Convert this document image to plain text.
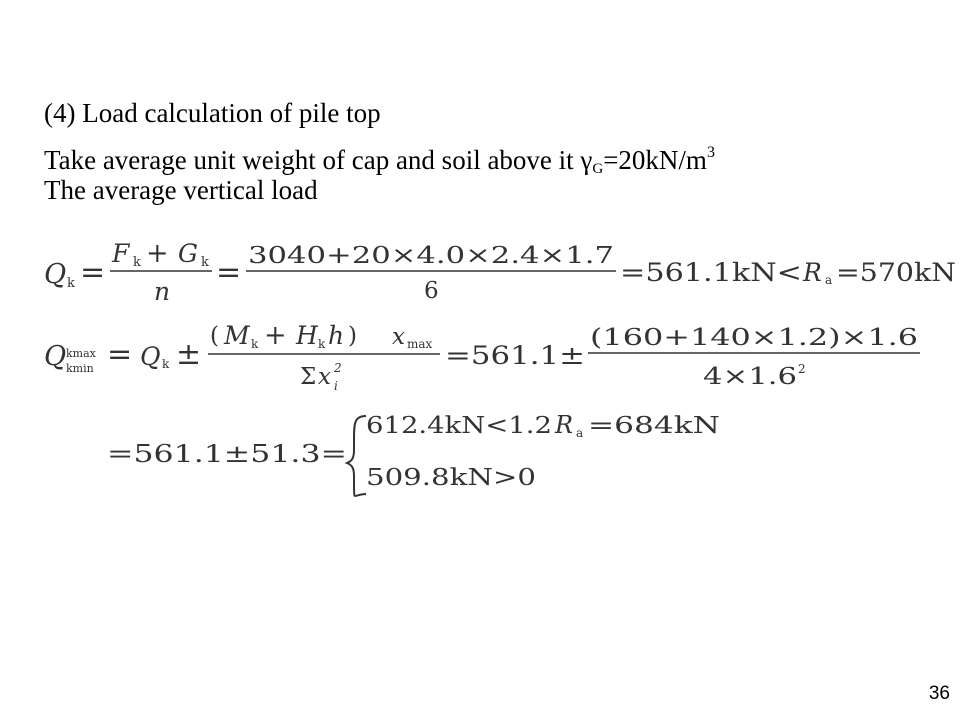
(4) Load calculation of pile top
Take average unit weight of cap and soil above it $\gamma_G=20kN/m^3$
The average vertical load
Q k =
F k + G k
n
= 3040+20×4.0×2.4×1.7
6
=561.1kN< R a =570kN
Q kmax
kmin = Q k ±
( M k + H k h ) x max
Σ x i
2	=561.1±
(160+140×1.2)×1.6
4×1.6 2
=561.1±51.3=
612.4kN<1.2 R a =684kN
509.8kN>0
36
